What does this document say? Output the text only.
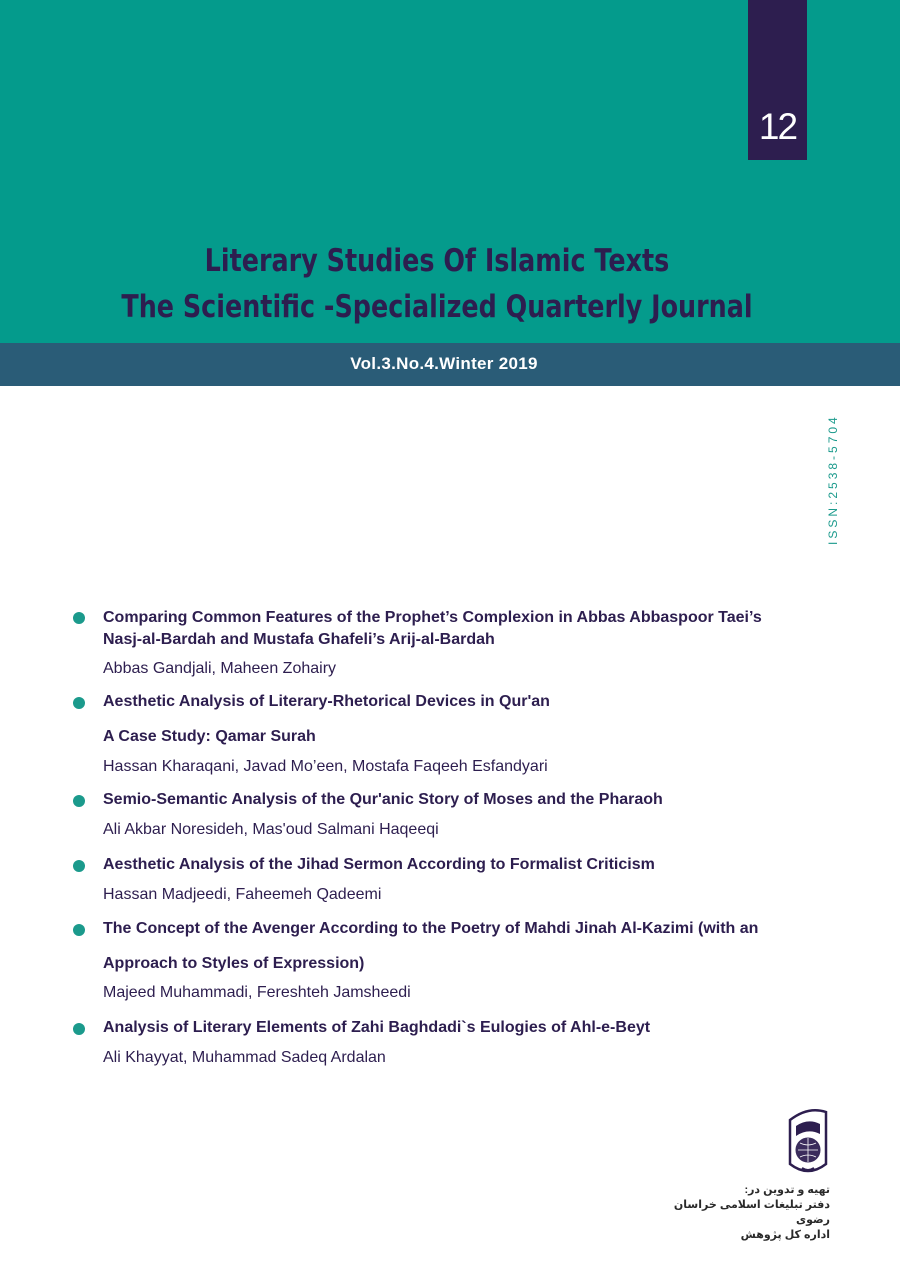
12
Literary Studies Of Islamic Texts
The Scientific -Specialized Quarterly Journal
Vol.3.No.4.Winter 2019
ISSN:2538-5704
Comparing Common Features of the Prophet’s Complexion in Abbas Abbaspoor Taei’s
Nasj-al-Bardah and Mustafa Ghafeli’s Arij-al-Bardah
Abbas Gandjali, Maheen Zohairy
Aesthetic Analysis of Literary-Rhetorical Devices in Qur'an
A Case Study: Qamar Surah
Hassan Kharaqani, Javad Mo’een, Mostafa Faqeeh Esfandyari
Semio-Semantic Analysis of the Qur'anic Story of Moses and the Pharaoh
Ali Akbar Noresideh, Mas'oud Salmani Haqeeqi
Aesthetic Analysis of the Jihad Sermon According to Formalist Criticism
Hassan Madjeedi, Faheemeh Qadeemi
The Concept of the Avenger According to the Poetry of Mahdi Jinah Al-Kazimi (with an
Approach to Styles of Expression)
Majeed Muhammadi, Fereshteh Jamsheedi
Analysis of Literary Elements of Zahi Baghdadi`s Eulogies of Ahl-e-Beyt
Ali Khayyat, Muhammad Sadeq Ardalan
تهیه و تدوین در:
دفتر تبلیغات اسلامی خراسان رضوی
اداره کل پژوهش
